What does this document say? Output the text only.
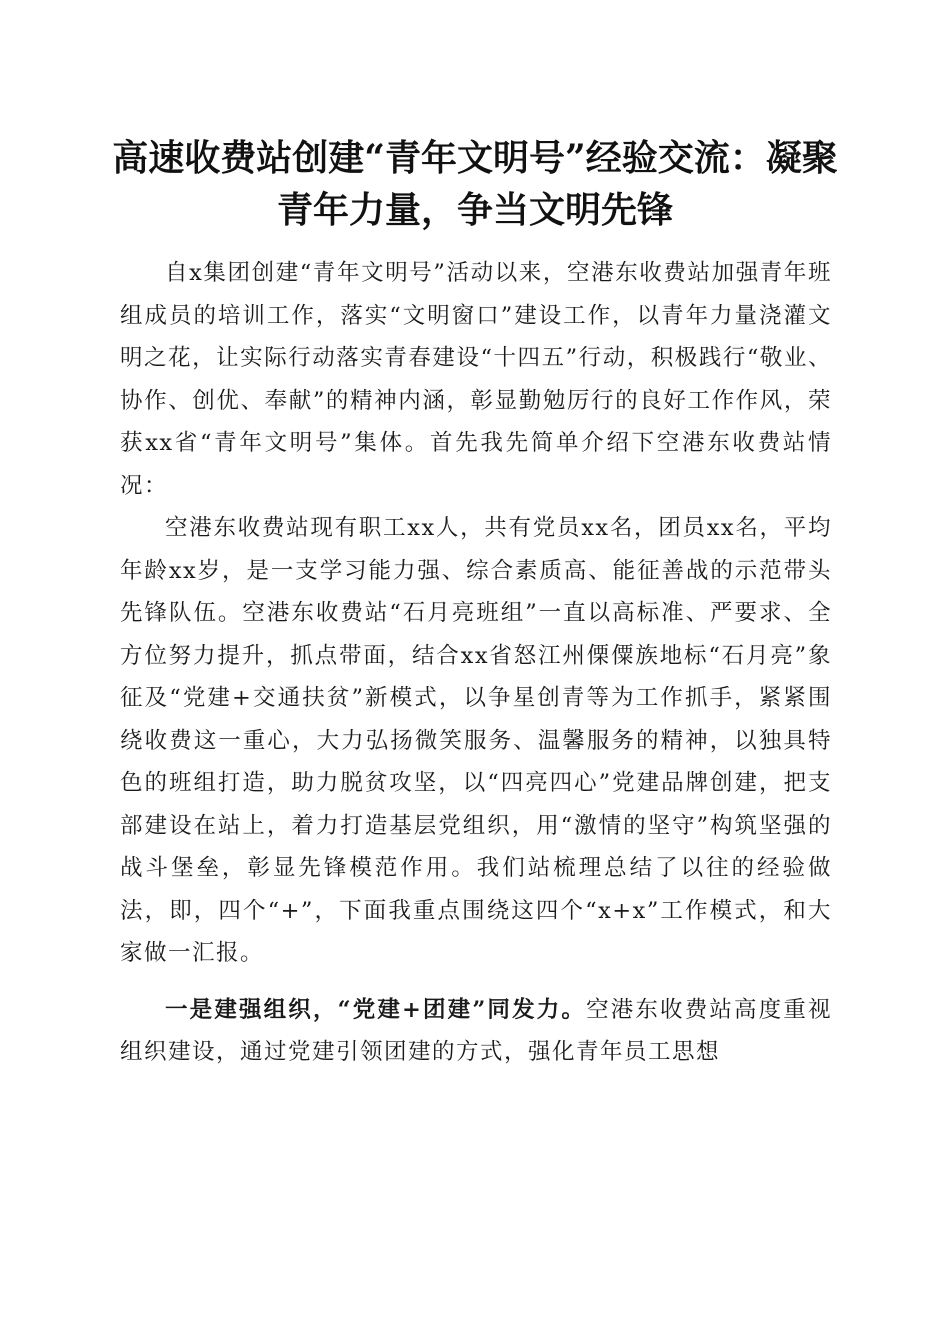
高速收费站创建“青年文明号”经验交流：凝聚青年力量，争当文明先锋

自x集团创建“青年文明号”活动以来，空港东收费站加强青年班组成员的培训工作，落实“文明窗口”建设工作，以青年力量浇灌文明之花，让实际行动落实青春建设“十四五”行动，积极践行“敬业、协作、创优、奉献”的精神内涵，彰显勤勉厉行的良好工作作风，荣获xx省“青年文明号”集体。首先我先简单介绍下空港东收费站情况：

空港东收费站现有职工xx人，共有党员xx名，团员xx名，平均年龄xx岁，是一支学习能力强、综合素质高、能征善战的示范带头先锋队伍。空港东收费站“石月亮班组”一直以高标准、严要求、全方位努力提升，抓点带面，结合xx省怒江州傈僳族地标“石月亮”象征及“党建+交通扶贫”新模式，以争星创青等为工作抓手，紧紧围绕收费这一重心，大力弘扬微笑服务、温馨服务的精神，以独具特色的班组打造，助力脱贫攻坚，以“四亮四心”党建品牌创建，把支部建设在站上，着力打造基层党组织，用“激情的坚守”构筑坚强的战斗堡垒，彰显先锋模范作用。我们站梳理总结了以往的经验做法，即，四个“+”，下面我重点围绕这四个“x+x”工作模式，和大家做一汇报。

一是建强组织，“党建+团建”同发力。空港东收费站高度重视组织建设，通过党建引领团建的方式，强化青年员工思想
